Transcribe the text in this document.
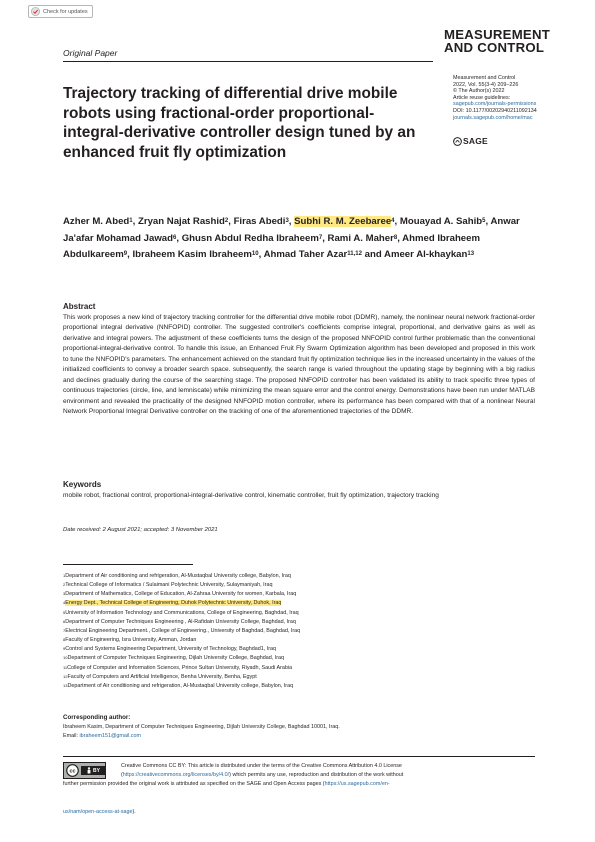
Check for updates
Original Paper
MEASUREMENT
AND CONTROL
Measurement and Control
2022, Vol. 55(3-4) 209–226
© The Author(s) 2022
Article reuse guidelines:
sagepub.com/journals-permissions
DOI: 10.1177/00202940211092134
journals.sagepub.com/home/mac
SAGE
Trajectory tracking of differential drive mobile robots using fractional-order proportional-integral-derivative controller design tuned by an enhanced fruit fly optimization
Azher M. Abed$^1$, Zryan Najat Rashid$^2$, Firas Abedi$^3$, Subhi R. M. Zeebaree$^4$, Mouayad A. Sahib$^5$, Anwar Ja'afar Mohamad Jawad$^6$, Ghusn Abdul Redha Ibraheem$^7$, Rami A. Maher$^8$, Ahmed Ibraheem Abdulkareem$^9$, Ibraheem Kasim Ibraheem$^{10}$, Ahmad Taher Azar$^{11,12}$ and Ameer Al-khaykan$^{13}$
Abstract

This work proposes a new kind of trajectory tracking controller for the differential drive mobile robot (DDMR), namely, the nonlinear neural network fractional-order proportional integral derivative (NNFOPID) controller. The suggested controller's coefficients comprise integral, proportional, and derivative gains as well as derivative and integral powers. The adjustment of these coefficients turns the design of the proposed NNFOPID control further problematic than the conventional proportional-integral-derivative control. To handle this issue, an Enhanced Fruit Fly Swarm Optimization algorithm has been developed and proposed in this work to tune the NNFOPID's parameters. The enhancement achieved on the standard fruit fly optimization technique lies in the increased uncertainty in the values of the initialized coefficients to convey a broader search space. subsequently, the search range is varied throughout the updating stage by beginning with a big radius and declines gradually during the course of the searching stage. The proposed NNFOPID controller has been validated its ability to track specific three types of continuous trajectories (circle, line, and lemniscate) while minimizing the mean square error and the control energy. Demonstrations have been run under MATLAB environment and revealed the practicality of the designed NNFOPID motion controller, where its performance has been compared with that of a nonlinear Neural Network Proportional Integral Derivative controller on the tracking of one of the aforementioned trajectories of the DDMR.

Keywords

mobile robot, fractional control, proportional-integral-derivative control, kinematic controller, fruit fly optimization, trajectory tracking

Date received: 2 August 2021; accepted: 3 November 2021
$^1$Department of Air conditioning and refrigeration, Al-Mustaqbal University college, Babylon, Iraq
$^2$Technical College of Informatics / Sulaimani Polytechnic University, Sulaymaniyah, Iraq
$^3$Department of Mathematics, College of Education, Al-Zahraa University for women, Karbala, Iraq
$^4$Energy Dept., Technical College of Engineering, Duhok Polytechnic University, Duhok, Iraq
$^5$University of Information Technology and Communications, College of Engineering, Baghdad, Iraq
$^6$Department of Computer Techniques Engineering , Al-Rafidain University College, Baghdad, Iraq
$^7$Electrical Engineering Department., College of Engineering., University of Baghdad, Baghdad, Iraq
$^8$Faculty of Engineering, Isra University, Amman, Jordan
$^9$Control and Systems Engineering Department, University of Technology, Baghdad1, Iraq
$^{10}$Department of Computer Techniques Engineering, Dijlah University College, Baghdad, Iraq
$^{11}$College of Computer and Information Sciences, Prince Sultan University, Riyadh, Saudi Arabia
$^{12}$Faculty of Computers and Artificial Intelligence, Benha University, Benha, Egypt
$^{13}$Department of Air conditioning and refrigeration, Al-Mustaqbal University college, Babylon, Iraq
Corresponding author:
Ibraheem Kasim, Department of Computer Techniques Engineering, Dijlah University College, Baghdad 10001, Iraq.
Email: ibraheem151@gmail.com
cc	BY
Creative Commons CC BY: This article is distributed under the terms of the Creative Commons Attribution 4.0 License
(https://creativecommons.org/licenses/by/4.0/) which permits any use, reproduction and distribution of the work without
further permission provided the original work is attributed as specified on the SAGE and Open Access pages (https://us.sagepub.com/en-
us/nam/open-access-at-sage).
